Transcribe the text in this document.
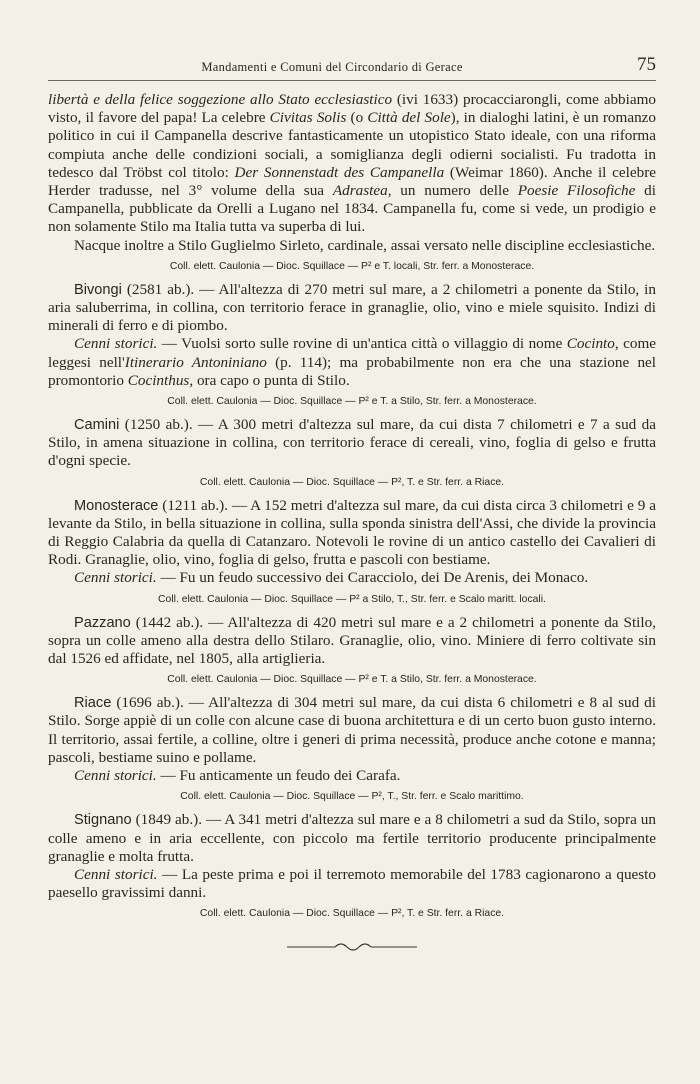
Mandamenti e Comuni del Circondario di Gerace	75

libertà e della felice soggezione allo Stato ecclesiastico (ivi 1633) procacciarongli, come abbiamo visto, il favore del papa! La celebre Civitas Solis (o Città del Sole), in dialoghi latini, è un romanzo politico in cui il Campanella descrive fantasticamente un utopistico Stato ideale, con una riforma compiuta anche delle condizioni sociali, a somiglianza degli odierni socialisti. Fu tradotta in tedesco dal Tröbst col titolo: Der Sonnenstadt des Campanella (Weimar 1860). Anche il celebre Herder tradusse, nel 3° volume della sua Adrastea, un numero delle Poesie Filosofiche di Campanella, pubblicate da Orelli a Lugano nel 1834. Campanella fu, come si vede, un prodigio e non solamente Stilo ma Italia tutta va superba di lui.

Nacque inoltre a Stilo Guglielmo Sirleto, cardinale, assai versato nelle discipline ecclesiastiche.

Coll. elett. Caulonia — Dioc. Squillace — P² e T. locali, Str. ferr. a Monosterace.

Bivongi (2581 ab.). — All'altezza di 270 metri sul mare, a 2 chilometri a ponente da Stilo, in aria saluberrima, in collina, con territorio ferace in granaglie, olio, vino e miele squisito. Indizi di minerali di ferro e di piombo.

Cenni storici. — Vuolsi sorto sulle rovine di un'antica città o villaggio di nome Cocinto, come leggesi nell'Itinerario Antoniniano (p. 114); ma probabilmente non era che una stazione nel promontorio Cocinthus, ora capo o punta di Stilo.

Coll. elett. Caulonia — Dioc. Squillace — P² e T. a Stilo, Str. ferr. a Monosterace.

Camini (1250 ab.). — A 300 metri d'altezza sul mare, da cui dista 7 chilometri e 7 a sud da Stilo, in amena situazione in collina, con territorio ferace di cereali, vino, foglia di gelso e frutta d'ogni specie.

Coll. elett. Caulonia — Dioc. Squillace — P², T. e Str. ferr. a Riace.

Monosterace (1211 ab.). — A 152 metri d'altezza sul mare, da cui dista circa 3 chilometri e 9 a levante da Stilo, in bella situazione in collina, sulla sponda sinistra dell'Assi, che divide la provincia di Reggio Calabria da quella di Catanzaro. Notevoli le rovine di un antico castello dei Cavalieri di Rodi. Granaglie, olio, vino, foglia di gelso, frutta e pascoli con bestiame.

Cenni storici. — Fu un feudo successivo dei Caracciolo, dei De Arenis, dei Monaco.

Coll. elett. Caulonia — Dioc. Squillace — P² a Stilo, T., Str. ferr. e Scalo maritt. locali.

Pazzano (1442 ab.). — All'altezza di 420 metri sul mare e a 2 chilometri a ponente da Stilo, sopra un colle ameno alla destra dello Stilaro. Granaglie, olio, vino. Miniere di ferro coltivate sin dal 1526 ed affidate, nel 1805, alla artiglieria.

Coll. elett. Caulonia — Dioc. Squillace — P² e T. a Stilo, Str. ferr. a Monosterace.

Riace (1696 ab.). — All'altezza di 304 metri sul mare, da cui dista 6 chilometri e 8 al sud di Stilo. Sorge appiè di un colle con alcune case di buona architettura e di un certo buon gusto interno. Il territorio, assai fertile, a colline, oltre i generi di prima necessità, produce anche cotone e manna; pascoli, bestiame suino e pollame.

Cenni storici. — Fu anticamente un feudo dei Carafa.

Coll. elett. Caulonia — Dioc. Squillace — P², T., Str. ferr. e Scalo marittimo.

Stignano (1849 ab.). — A 341 metri d'altezza sul mare e a 8 chilometri a sud da Stilo, sopra un colle ameno e in aria eccellente, con piccolo ma fertile territorio producente principalmente granaglie e molta frutta.

Cenni storici. — La peste prima e poi il terremoto memorabile del 1783 cagionarono a questo paesello gravissimi danni.

Coll. elett. Caulonia — Dioc. Squillace — P², T. e Str. ferr. a Riace.
